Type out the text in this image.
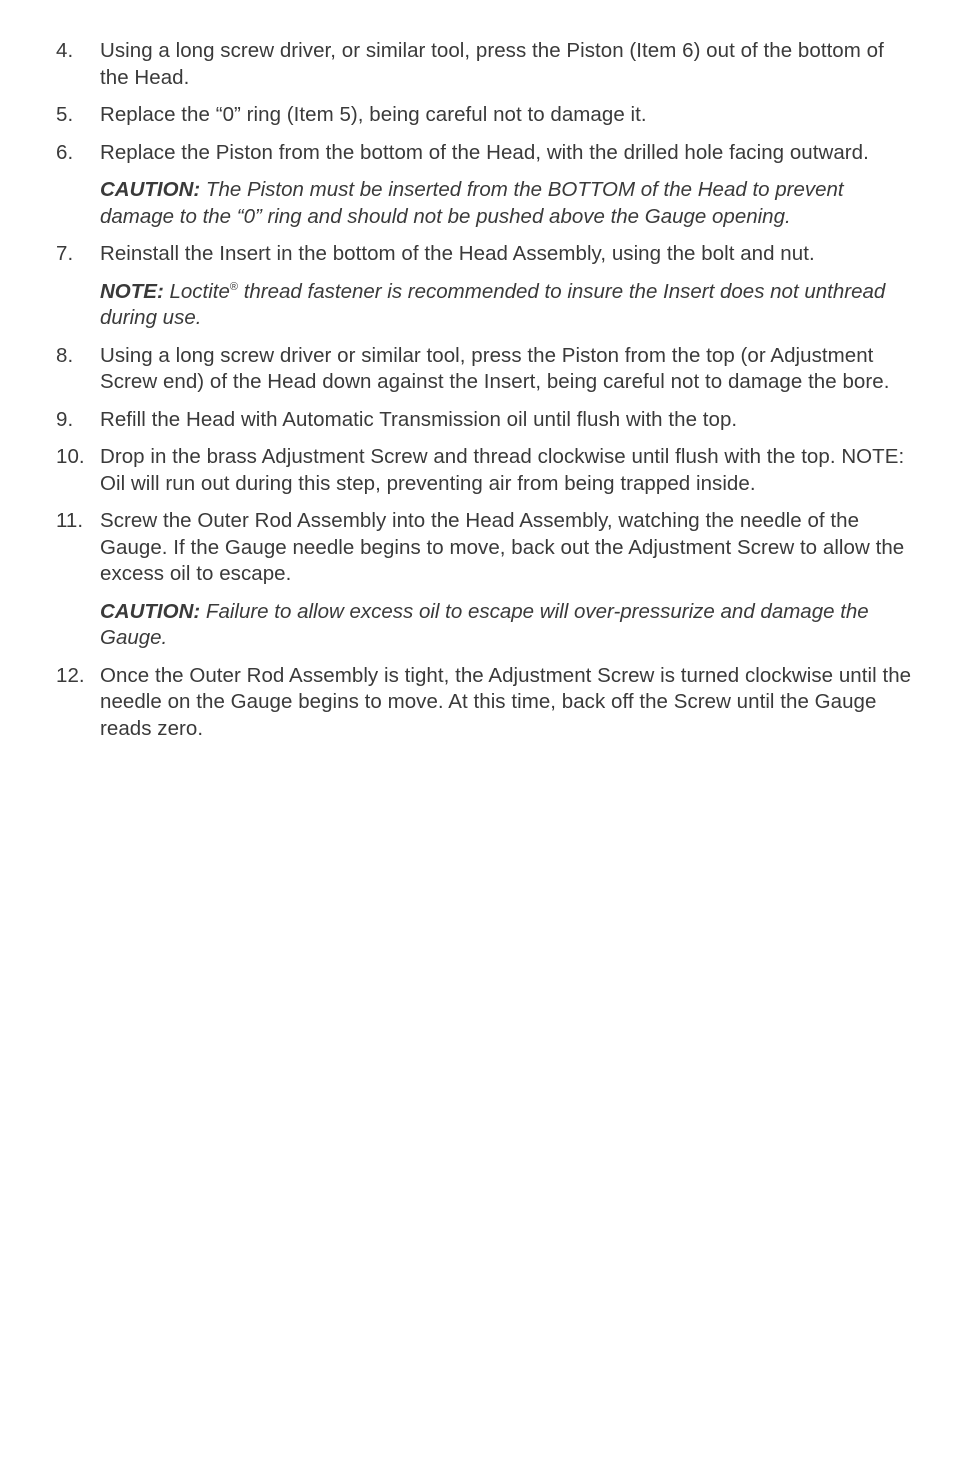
4. Using a long screw driver, or similar tool, press the Piston (Item 6) out of the bottom of the Head.
5. Replace the “0” ring (Item 5), being careful not to damage it.
6. Replace the Piston from the bottom of the Head, with the drilled hole facing outward.
CAUTION: The Piston must be inserted from the BOTTOM of the Head to prevent damage to the “0” ring and should not be pushed above the Gauge opening.
7. Reinstall the Insert in the bottom of the Head Assembly, using the bolt and nut.
NOTE: Loctite® thread fastener is recommended to insure the Insert does not unthread during use.
8. Using a long screw driver or similar tool, press the Piston from the top (or Adjustment Screw end) of the Head down against the Insert, being careful not to damage the bore.
9. Refill the Head with Automatic Transmission oil until flush with the top.
10. Drop in the brass Adjustment Screw and thread clockwise until flush with the top. NOTE: Oil will run out during this step, preventing air from being trapped inside.
11. Screw the Outer Rod Assembly into the Head Assembly, watching the needle of the Gauge. If the Gauge needle begins to move, back out the Adjustment Screw to allow the excess oil to escape.
CAUTION: Failure to allow excess oil to escape will over-pressurize and damage the Gauge.
12. Once the Outer Rod Assembly is tight, the Adjustment Screw is turned clockwise until the needle on the Gauge begins to move. At this time, back off the Screw until the Gauge reads zero.
